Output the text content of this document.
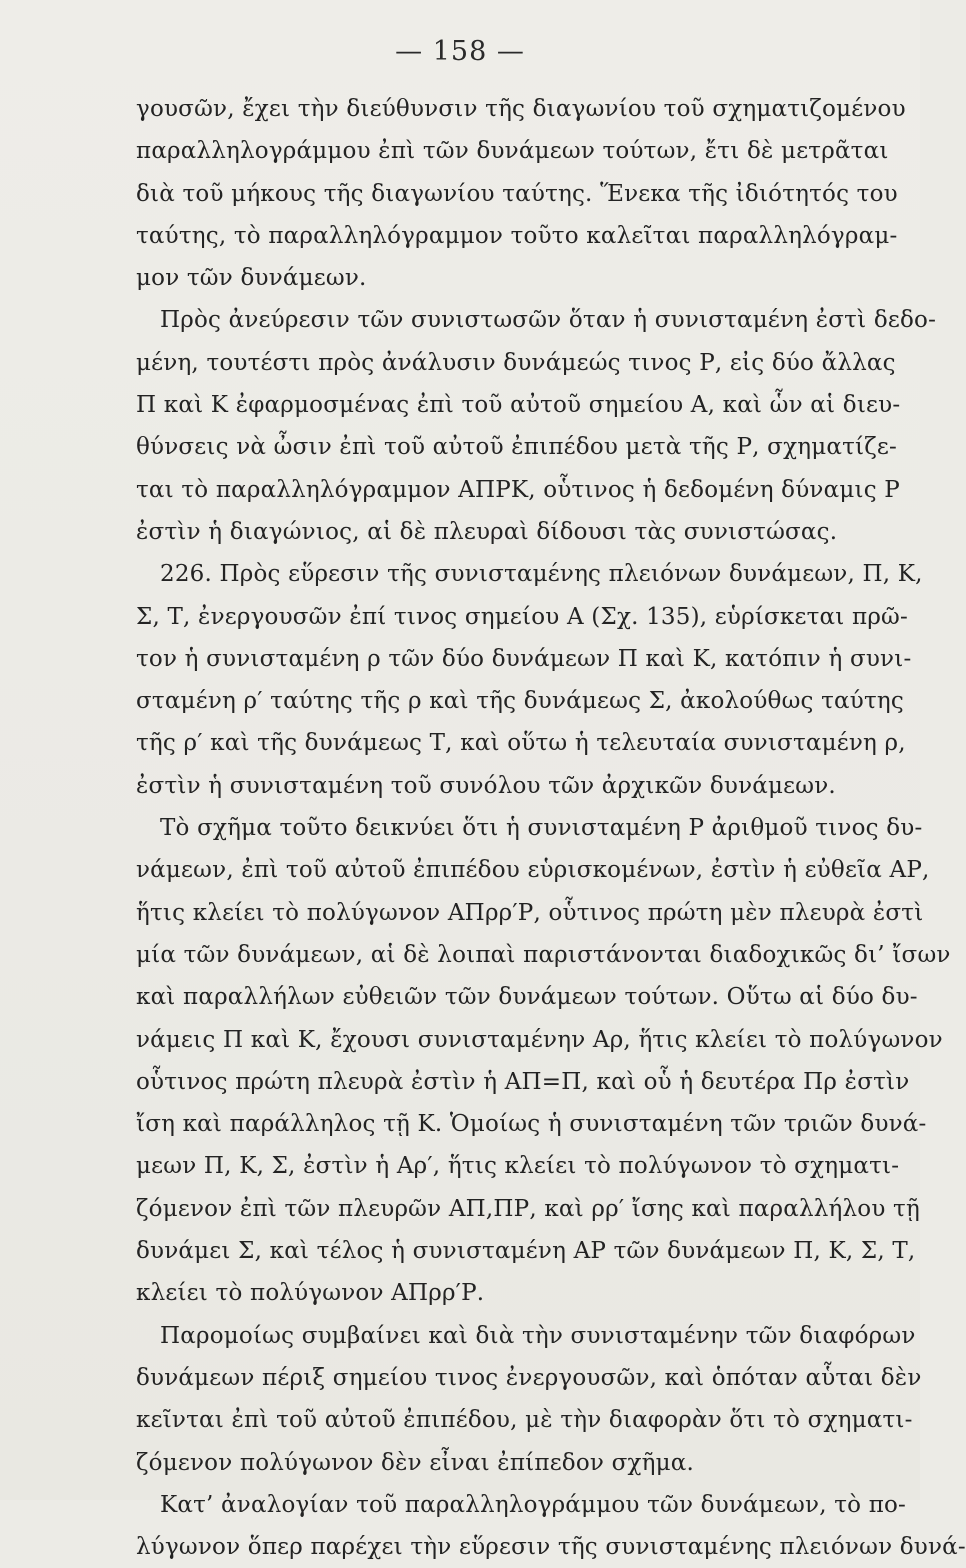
— 158 —
γουσῶν, ἔχει τὴν διεύθυνσιν τῆς διαγωνίου τοῦ σχηματιζομένου
παραλληλογράμμου ἐπὶ τῶν δυνάμεων τούτων, ἔτι δὲ μετρᾶται
διὰ τοῦ μήκους τῆς διαγωνίου ταύτης. Ἕνεκα τῆς ἰδιότητός του
ταύτης, τὸ παραλληλόγραμμον τοῦτο καλεῖται παραλληλόγραμ-
μον τῶν δυνάμεων.
Πρὸς ἀνεύρεσιν τῶν συνιστωσῶν ὅταν ἡ συνισταμένη ἐστὶ δεδο-
μένη, τουτέστι πρὸς ἀνάλυσιν δυνάμεώς τινος Ρ, εἰς δύο ἄλλας
Π καὶ Κ ἐφαρμοσμένας ἐπὶ τοῦ αὐτοῦ σημείου Α, καὶ ὧν αἱ διευ-
θύνσεις νὰ ὦσιν ἐπὶ τοῦ αὐτοῦ ἐπιπέδου μετὰ τῆς Ρ, σχηματίζε-
ται τὸ παραλληλόγραμμον ΑΠΡΚ, οὗτινος ἡ δεδομένη δύναμις Ρ
ἐστὶν ἡ διαγώνιος, αἱ δὲ πλευραὶ δίδουσι τὰς συνιστώσας.
226. Πρὸς εὕρεσιν τῆς συνισταμένης πλειόνων δυνάμεων, Π, Κ,
Σ, Τ, ἐνεργουσῶν ἐπί τινος σημείου Α (Σχ. 135), εὑρίσκεται πρῶ-
τον ἡ συνισταμένη ρ τῶν δύο δυνάμεων Π καὶ Κ, κατόπιν ἡ συνι-
σταμένη ρ′ ταύτης τῆς ρ καὶ τῆς δυνάμεως Σ, ἀκολούθως ταύτης
τῆς ρ′ καὶ τῆς δυνάμεως Τ, καὶ οὕτω ἡ τελευταία συνισταμένη ρ,
ἐστὶν ἡ συνισταμένη τοῦ συνόλου τῶν ἀρχικῶν δυνάμεων.
Τὸ σχῆμα τοῦτο δεικνύει ὅτι ἡ συνισταμένη Ρ ἀριθμοῦ τινος δυ-
νάμεων, ἐπὶ τοῦ αὐτοῦ ἐπιπέδου εὑρισκομένων, ἐστὶν ἡ εὐθεῖα ΑΡ,
ἥτις κλείει τὸ πολύγωνον ΑΠρρ′Ρ, οὗτινος πρώτη μὲν πλευρὰ ἐστὶ
μία τῶν δυνάμεων, αἱ δὲ λοιπαὶ παριστάνονται διαδοχικῶς δι’ ἴσων
καὶ παραλλήλων εὐθειῶν τῶν δυνάμεων τούτων. Οὕτω αἱ δύο δυ-
νάμεις Π καὶ Κ, ἔχουσι συνισταμένην Αρ, ἥτις κλείει τὸ πολύγωνον
οὗτινος πρώτη πλευρὰ ἐστὶν ἡ ΑΠ=Π, καὶ οὗ ἡ δευτέρα Πρ ἐστὶν
ἴση καὶ παράλληλος τῇ Κ. Ὁμοίως ἡ συνισταμένη τῶν τριῶν δυνά-
μεων Π, Κ, Σ, ἐστὶν ἡ Αρ′, ἥτις κλείει τὸ πολύγωνον τὸ σχηματι-
ζόμενον ἐπὶ τῶν πλευρῶν ΑΠ,ΠΡ, καὶ ρρ′ ἴσης καὶ παραλλήλου τῇ
δυνάμει Σ, καὶ τέλος ἡ συνισταμένη ΑΡ τῶν δυνάμεων Π, Κ, Σ, Τ,
κλείει τὸ πολύγωνον ΑΠρρ′Ρ.
Παρομοίως συμβαίνει καὶ διὰ τὴν συνισταμένην τῶν διαφόρων
δυνάμεων πέριξ σημείου τινος ἐνεργουσῶν, καὶ ὁπόταν αὗται δὲν
κεῖνται ἐπὶ τοῦ αὐτοῦ ἐπιπέδου, μὲ τὴν διαφορὰν ὅτι τὸ σχηματι-
ζόμενον πολύγωνον δὲν εἶναι ἐπίπεδον σχῆμα.
Κατ’ ἀναλογίαν τοῦ παραλληλογράμμου τῶν δυνάμεων, τὸ πο-
λύγωνον ὅπερ παρέχει τὴν εὕρεσιν τῆς συνισταμένης πλειόνων δυνά-
